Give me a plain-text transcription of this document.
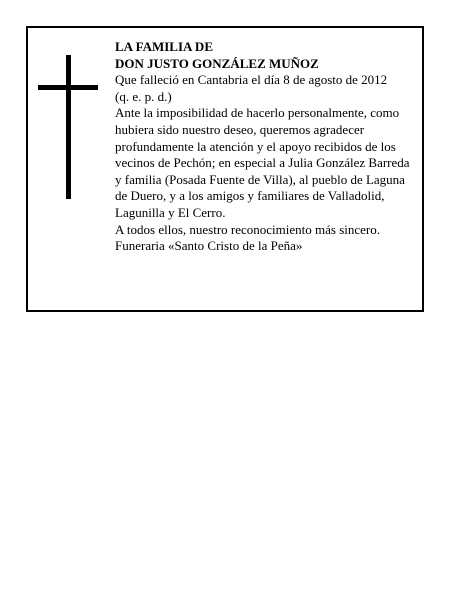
LA FAMILIA DE

DON JUSTO GONZÁLEZ MUÑOZ

Que falleció en Cantabria el día 8 de agosto de 2012

(q. e. p. d.)

Ante la imposibilidad de hacerlo personalmente, como hubiera sido nuestro deseo, queremos agradecer profundamente la atención y el apoyo recibidos de los vecinos de Pechón; en especial a Julia González Barreda y familia (Posada Fuente de Villa), al pueblo de Laguna de Duero, y a los amigos y familiares de Valladolid, Lagunilla y El Cerro.

A todos ellos, nuestro reconocimiento más sincero.

Funeraria «Santo Cristo de la Peña»
